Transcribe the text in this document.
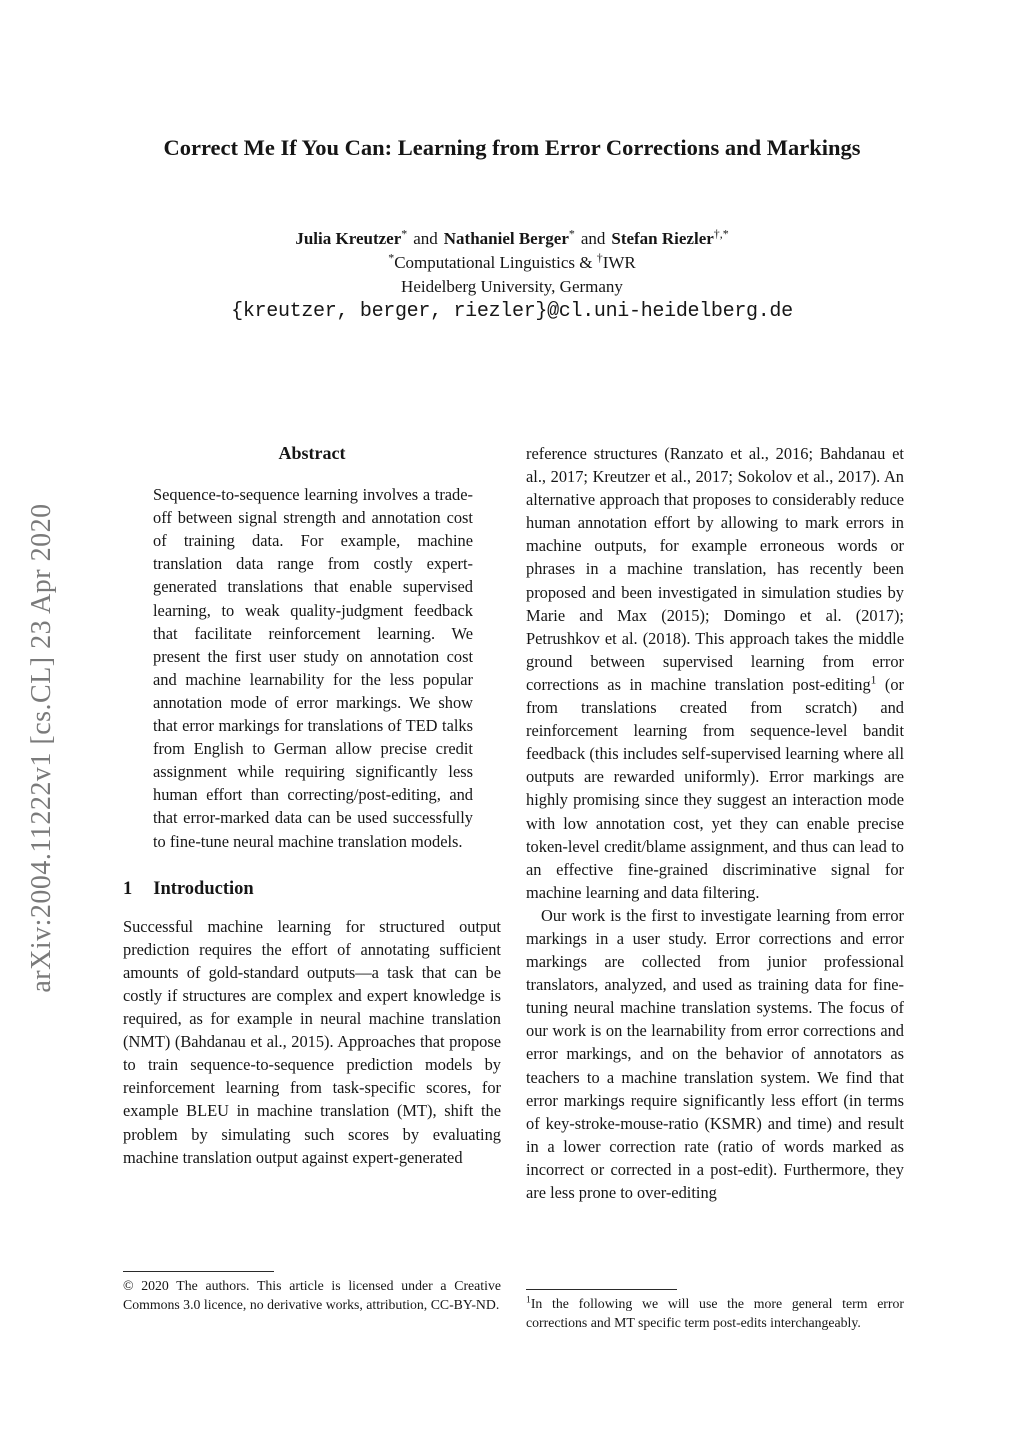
arXiv:2004.11222v1 [cs.CL] 23 Apr 2020
Correct Me If You Can: Learning from Error Corrections and Markings
Julia Kreutzer* and Nathaniel Berger* and Stefan Riezler†,*
*Computational Linguistics & †IWR
Heidelberg University, Germany
{kreutzer, berger, riezler}@cl.uni-heidelberg.de
Abstract

Sequence-to-sequence learning involves a trade-off between signal strength and annotation cost of training data. For example, machine translation data range from costly expert-generated translations that enable supervised learning, to weak quality-judgment feedback that facilitate reinforcement learning. We present the first user study on annotation cost and machine learnability for the less popular annotation mode of error markings. We show that error markings for translations of TED talks from English to German allow precise credit assignment while requiring significantly less human effort than correcting/post-editing, and that error-marked data can be used successfully to fine-tune neural machine translation models.

1 Introduction

Successful machine learning for structured output prediction requires the effort of annotating sufficient amounts of gold-standard outputs—a task that can be costly if structures are complex and expert knowledge is required, as for example in neural machine translation (NMT) (Bahdanau et al., 2015). Approaches that propose to train sequence-to-sequence prediction models by reinforcement learning from task-specific scores, for example BLEU in machine translation (MT), shift the problem by simulating such scores by evaluating machine translation output against expert-generated

reference structures (Ranzato et al., 2016; Bahdanau et al., 2017; Kreutzer et al., 2017; Sokolov et al., 2017). An alternative approach that proposes to considerably reduce human annotation effort by allowing to mark errors in machine outputs, for example erroneous words or phrases in a machine translation, has recently been proposed and been investigated in simulation studies by Marie and Max (2015); Domingo et al. (2017); Petrushkov et al. (2018). This approach takes the middle ground between supervised learning from error corrections as in machine translation post-editing$^1$ (or from translations created from scratch) and reinforcement learning from sequence-level bandit feedback (this includes self-supervised learning where all outputs are rewarded uniformly). Error markings are highly promising since they suggest an interaction mode with low annotation cost, yet they can enable precise token-level credit/blame assignment, and thus can lead to an effective fine-grained discriminative signal for machine learning and data filtering.

Our work is the first to investigate learning from error markings in a user study. Error corrections and error markings are collected from junior professional translators, analyzed, and used as training data for fine-tuning neural machine translation systems. The focus of our work is on the learnability from error corrections and error markings, and on the behavior of annotators as teachers to a machine translation system. We find that error markings require significantly less effort (in terms of key-stroke-mouse-ratio (KSMR) and time) and result in a lower correction rate (ratio of words marked as incorrect or corrected in a post-edit). Furthermore, they are less prone to over-editing

© 2020 The authors. This article is licensed under a Creative Commons 3.0 licence, no derivative works, attribution, CC-BY-ND.	$^1$In the following we will use the more general term error corrections and MT specific term post-edits interchangeably.
